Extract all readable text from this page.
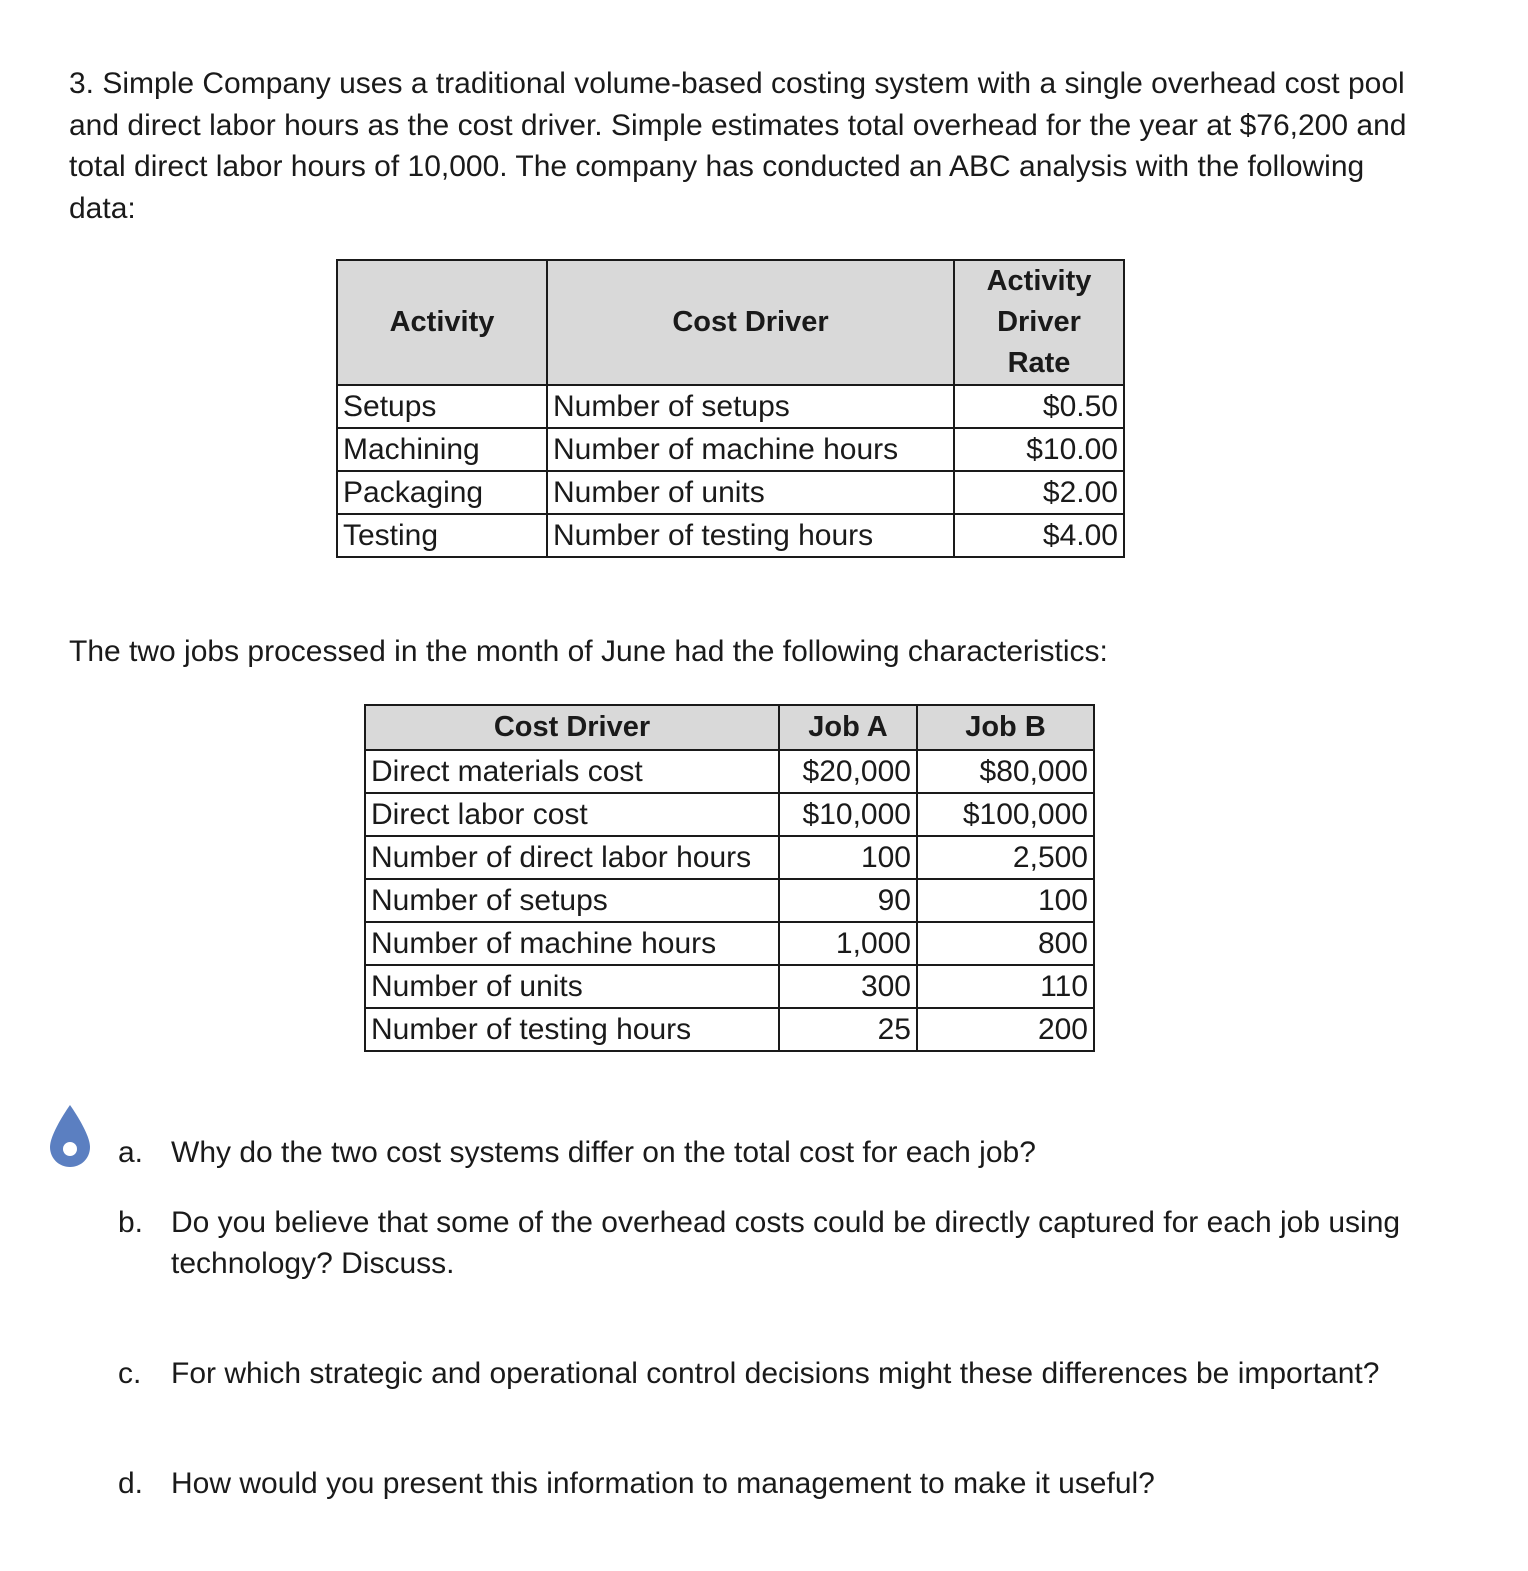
3. Simple Company uses a traditional volume-based costing system with a single overhead cost pool and direct labor hours as the cost driver. Simple estimates total overhead for the year at $76,200 and total direct labor hours of 10,000. The company has conducted an ABC analysis with the following data:

Activity	Cost Driver	Activity
Driver
Rate
Setups	Number of setups	$0.50
Machining	Number of machine hours	$10.00
Packaging	Number of units	$2.00
Testing	Number of testing hours	$4.00

The two jobs processed in the month of June had the following characteristics:

Cost Driver	Job A	Job B
Direct materials cost	$20,000	$80,000
Direct labor cost	$10,000	$100,000
Number of direct labor hours	100	2,500
Number of setups	90	100
Number of machine hours	1,000	800
Number of units	300	110
Number of testing hours	25	200
a. Why do the two cost systems differ on the total cost for each job?
b. Do you believe that some of the overhead costs could be directly captured for each job using technology? Discuss.
c. For which strategic and operational control decisions might these differences be important?
d. How would you present this information to management to make it useful?
